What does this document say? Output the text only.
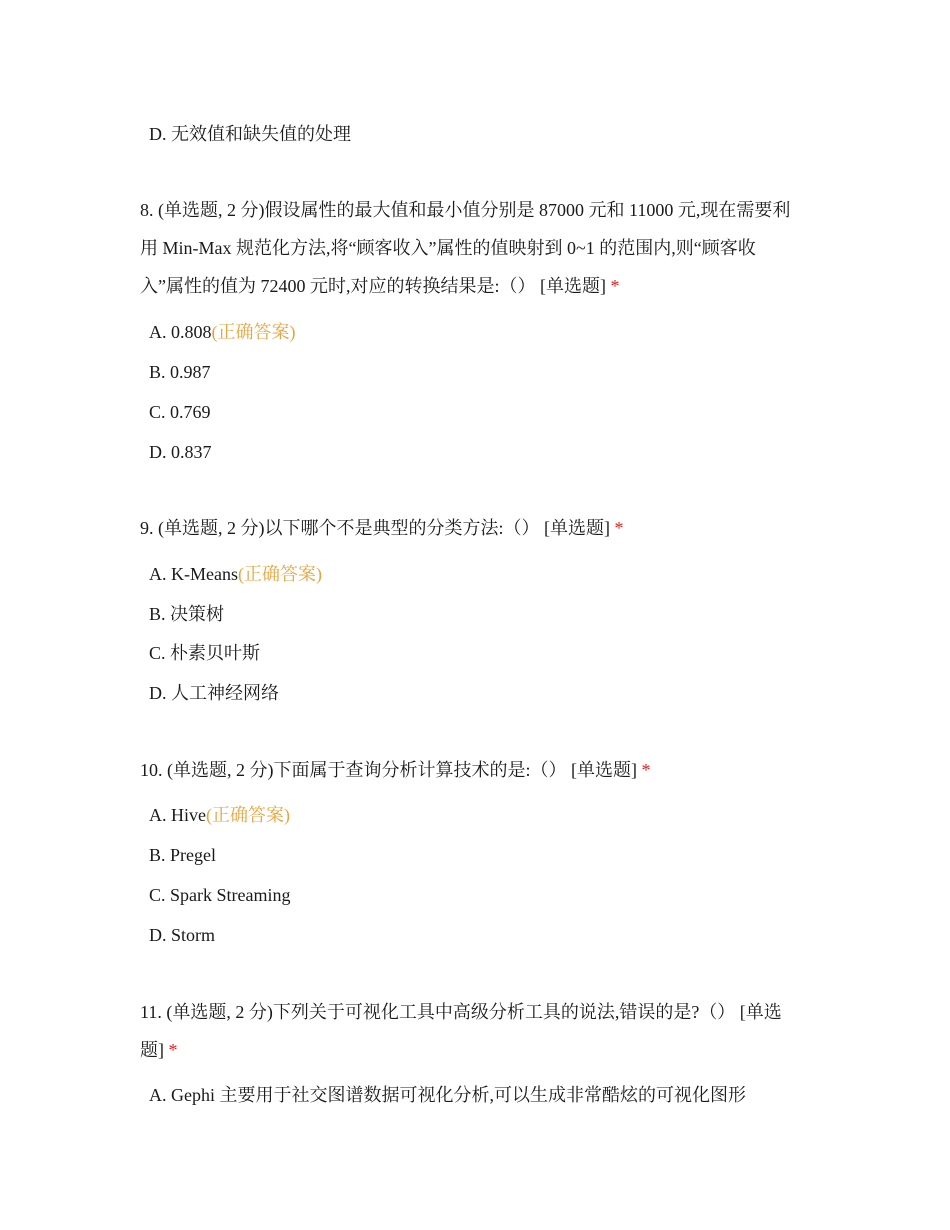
D. 无效值和缺失值的处理

8. (单选题, 2 分)假设属性的最大值和最小值分别是 87000 元和 11000 元,现在需要利

用 Min-Max 规范化方法,将“顾客收入”属性的值映射到 0~1 的范围内,则“顾客收

入”属性的值为 72400 元时,对应的转换结果是:（） [单选题] *

A. 0.808(正确答案)
B. 0.987
C. 0.769
D. 0.837

9. (单选题, 2 分)以下哪个不是典型的分类方法:（） [单选题] *

A. K-Means(正确答案)
B. 决策树
C. 朴素贝叶斯
D. 人工神经网络

10. (单选题, 2 分)下面属于查询分析计算技术的是:（） [单选题] *

A. Hive(正确答案)
B. Pregel
C. Spark Streaming
D. Storm

11. (单选题, 2 分)下列关于可视化工具中高级分析工具的说法,错误的是?（） [单选

题] *

A. Gephi 主要用于社交图谱数据可视化分析,可以生成非常酷炫的可视化图形
